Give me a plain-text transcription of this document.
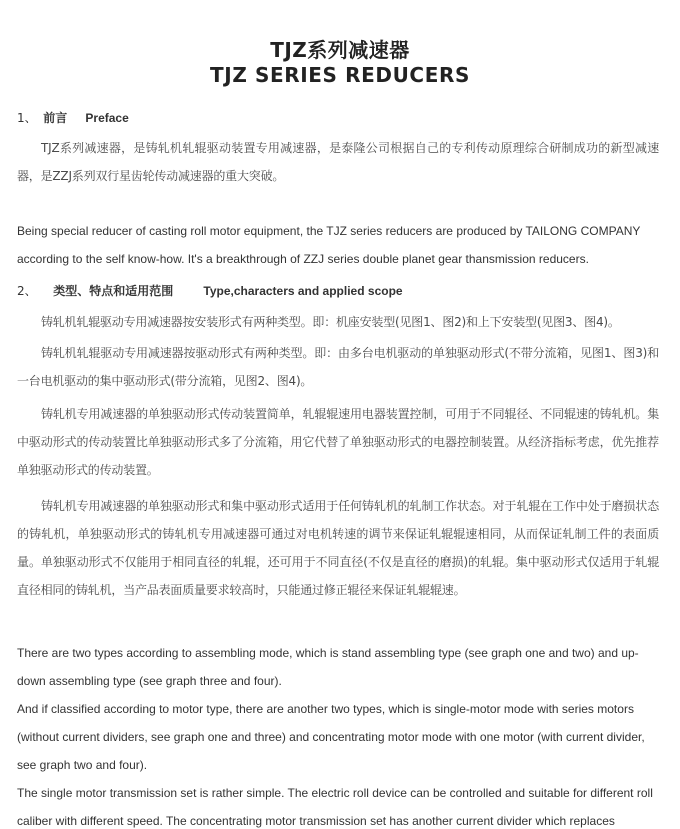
TJZ系列减速器
TJZ SERIES REDUCERS
1、 前言 Preface
TJZ系列减速器，是铸轧机轧辊驱动装置专用减速器，是泰隆公司根据自己的专利传动原理综合研制成功的新型减速器，是ZZJ系列双行星齿轮传动减速器的重大突破。
Being special reducer of casting roll motor equipment, the TJZ series reducers are produced by TAILONG COMPANY according to the self know-how. It's a breakthrough of ZZJ series double planet gear thansmission reducers.
2、 类型、特点和适用范围	Type,characters and applied scope
铸轧机轧辊驱动专用减速器按安装形式有两种类型。即：机座安装型(见图1、图2)和上下安装型(见图3、图4)。
铸轧机轧辊驱动专用减速器按驱动形式有两种类型。即：由多台电机驱动的单独驱动形式(不带分流箱，见图1、图3)和一台电机驱动的集中驱动形式(带分流箱，见图2、图4)。
铸轧机专用减速器的单独驱动形式传动装置简单，轧辊辊速用电器装置控制，可用于不同辊径、不同辊速的铸轧机。集中驱动形式的传动装置比单独驱动形式多了分流箱，用它代替了单独驱动形式的电器控制装置。从经济指标考虑，优先推荐单独驱动形式的传动装置。
铸轧机专用减速器的单独驱动形式和集中驱动形式适用于任何铸轧机的轧制工作状态。对于轧辊在工作中处于磨损状态的铸轧机，单独驱动形式的铸轧机专用减速器可通过对电机转速的调节来保证轧辊辊速相同，从而保证轧制工件的表面质量。单独驱动形式不仅能用于相同直径的轧辊，还可用于不同直径(不仅是直径的磨损)的轧辊。集中驱动形式仅适用于轧辊直径相同的铸轧机，当产品表面质量要求较高时，只能通过修正辊径来保证轧辊辊速。
There are two types according to assembling mode, which is stand assembling type (see graph one and two) and up-down assembling type (see graph three and four).
And if classified according to motor type, there are another two types, which is single-motor mode with series motors (without current dividers, see graph one and three) and concentrating motor mode with one motor (with current divider, see graph two and four).
The single motor transmission set is rather simple. The electric roll device can be controlled and suitable for different roll caliber with different speed. The concentrating motor transmission set has another current divider which replaces
